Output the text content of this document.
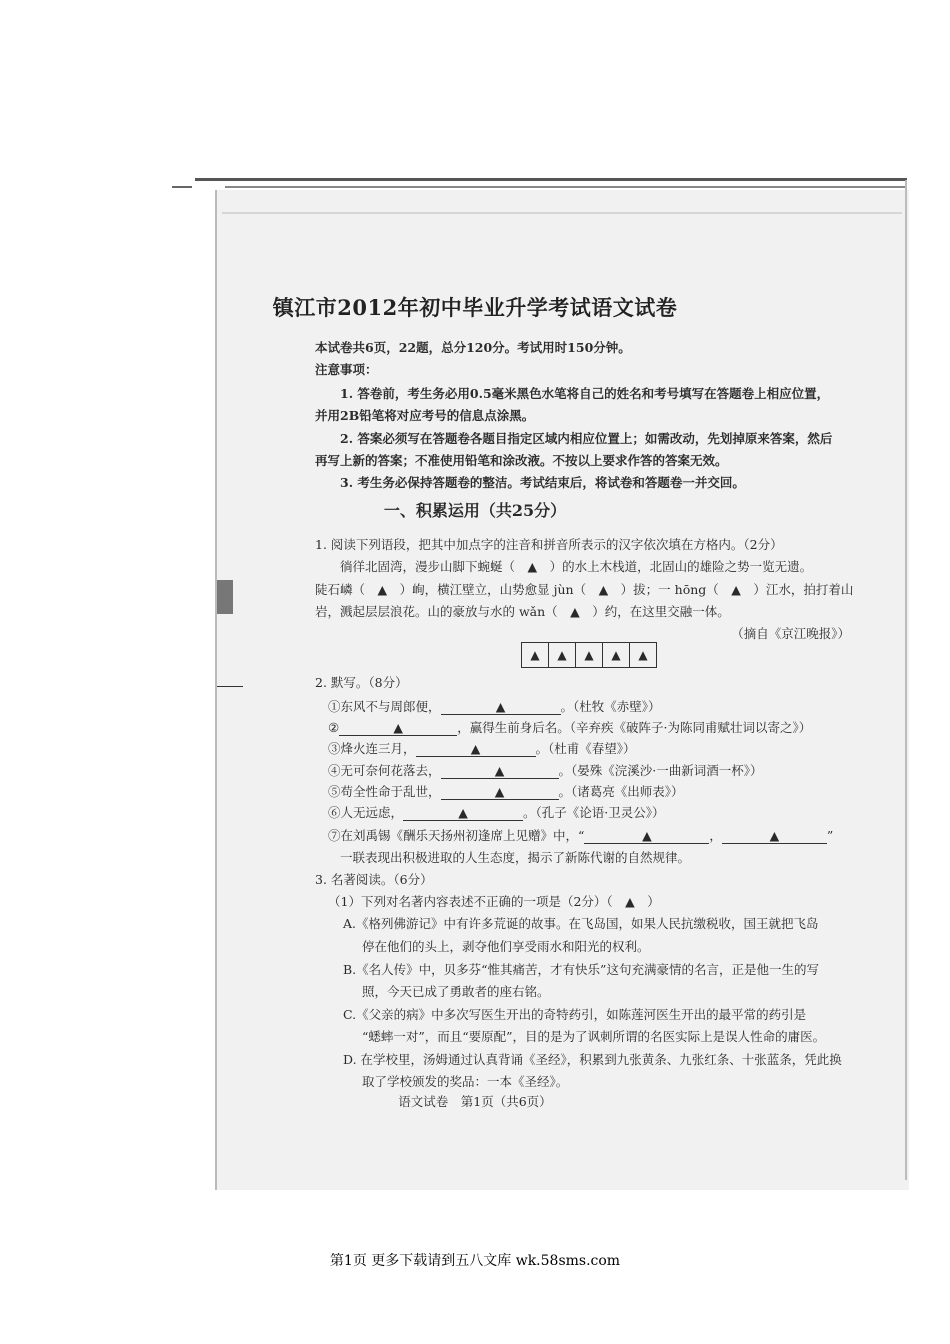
镇江市2012年初中毕业升学考试语文试卷
本试卷共6页，22题，总分120分。考试用时150分钟。
注意事项：
1. 答卷前，考生务必用0.5毫米黑色水笔将自己的姓名和考号填写在答题卷上相应位置，
并用2B铅笔将对应考号的信息点涂黑。
2. 答案必须写在答题卷各题目指定区域内相应位置上；如需改动，先划掉原来答案，然后
再写上新的答案；不准使用铅笔和涂改液。不按以上要求作答的答案无效。
3. 考生务必保持答题卷的整洁。考试结束后，将试卷和答题卷一并交回。
一、积累运用（共25分）
1. 阅读下列语段，把其中加点字的注音和拼音所表示的汉字依次填在方格内。（2分）
徜徉北固湾，漫步山脚下蜿蜒（　▲　）的水上木栈道，北固山的雄险之势一览无遗。
陡石嶙（　▲　）峋，横江壁立，山势愈显 jùn（　▲　）拔；一 hōng（　▲　）江水，拍打着山
岩，溅起层层浪花。山的豪放与水的 wǎn（　▲　）约，在这里交融一体。
（摘自《京江晚报》）
▲	▲	▲	▲	▲
2. 默写。（8分）
①东风不与周郎便，	▲	。（杜牧《赤壁》）
②	▲	，赢得生前身后名。（辛弃疾《破阵子·为陈同甫赋壮词以寄之》）
③烽火连三月，	▲	。（杜甫《春望》）
④无可奈何花落去，	▲	。（晏殊《浣溪沙·一曲新词酒一杯》）
⑤苟全性命于乱世，	▲	。（诸葛亮《出师表》）
⑥人无远虑，	▲	。（孔子《论语·卫灵公》）
⑦在刘禹锡《酬乐天扬州初逢席上见赠》中，“	▲	，	▲	”
一联表现出积极进取的人生态度，揭示了新陈代谢的自然规律。
3. 名著阅读。（6分）
（1）下列对名著内容表述不正确的一项是（2分）（　▲　）
A.《格列佛游记》中有许多荒诞的故事。在飞岛国，如果人民抗缴税收，国王就把飞岛
停在他们的头上，剥夺他们享受雨水和阳光的权利。
B.《名人传》中，贝多芬“惟其痛苦，才有快乐”这句充满豪情的名言，正是他一生的写
照，今天已成了勇敢者的座右铭。
C.《父亲的病》中多次写医生开出的奇特药引，如陈莲河医生开出的最平常的药引是
“蟋蟀一对”，而且“要原配”，目的是为了讽刺所谓的名医实际上是误人性命的庸医。
D. 在学校里，汤姆通过认真背诵《圣经》，积累到九张黄条、九张红条、十张蓝条，凭此换
取了学校颁发的奖品：一本《圣经》。
语文试卷　第1页（共6页）
第1页 更多下载请到五八文库 wk.58sms.com
